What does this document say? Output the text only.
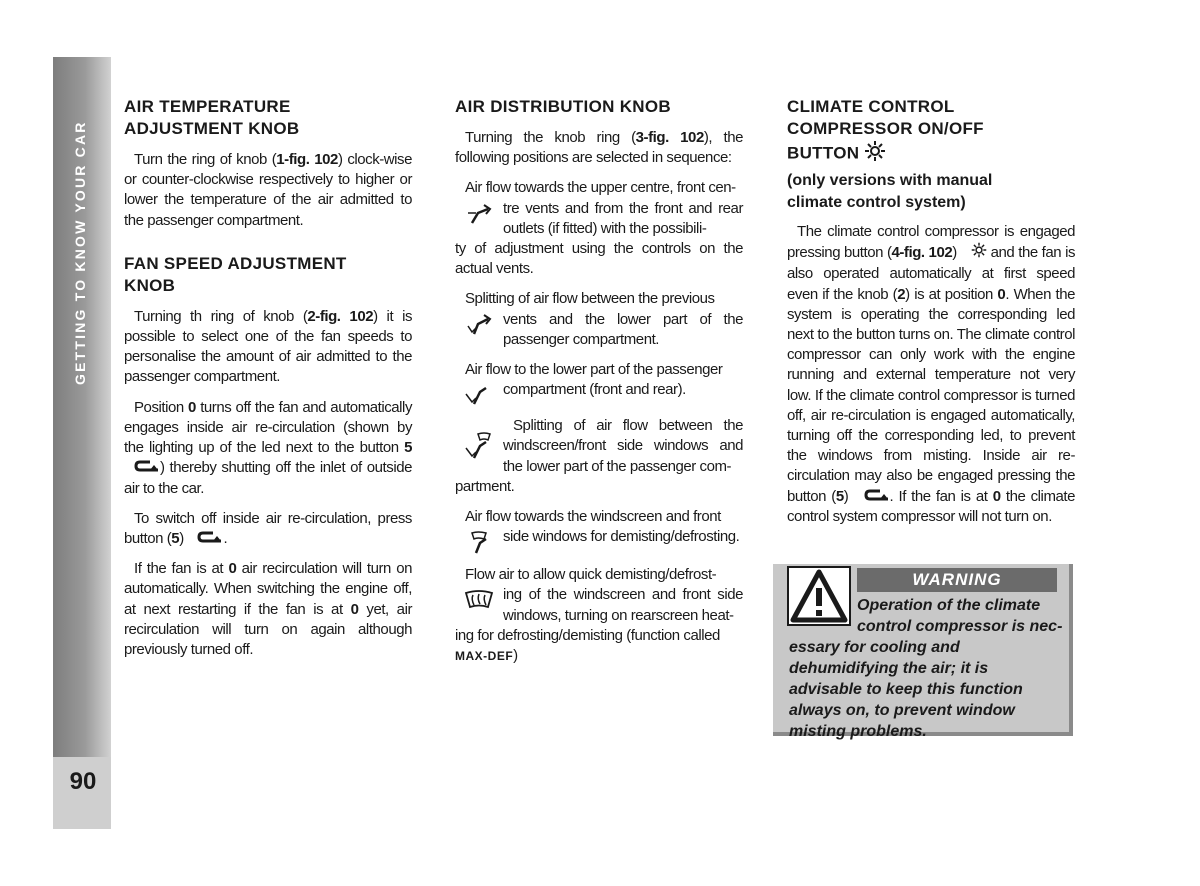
GETTING TO KNOW YOUR CAR
90
AIR TEMPERATURE
ADJUSTMENT KNOB

Turn the ring of knob (1-fig. 102) clock-wise or counter-clockwise respectively to higher or lower the temperature of the air admitted to the passenger compartment.

FAN SPEED ADJUSTMENT
KNOB

Turning th ring of knob (2-fig. 102) it is possible to select one of the fan speeds to personalise the amount of air admitted to the passenger compartment.

Position 0 turns off the fan and automatically engages inside air re-circulation (shown by the lighting up of the led next to the button 5 ) thereby shutting off the inlet of outside air to the car.

To switch off inside air re-circulation, press button (5) .

If the fan is at 0 air recirculation will turn on automatically. When switching the engine off, at next restarting if the fan is at 0 yet, air recirculation will turn on again although previously turned off.

AIR DISTRIBUTION KNOB

Turning the knob ring (3-fig. 102), the following positions are selected in sequence:

Air flow towards the upper centre, front cen-

tre vents and from the front and rear outlets (if fitted) with the possibili-

ty of adjustment using the controls on the actual vents.

Splitting of air flow between the previous

vents and the lower part of the passenger compartment.

Air flow to the lower part of the passenger

compartment (front and rear).

Splitting of air flow between the windscreen/front side windows and the lower part of the passenger com-

partment.

Air flow towards the windscreen and front

side windows for demisting/defrosting.

Flow air to allow quick demisting/defrost-

ing of the windscreen and front side windows, turning on rearscreen heat-

ing for defrosting/demisting (function called
MAX-DEF)

CLIMATE CONTROL
COMPRESSOR ON/OFF
BUTTON
(only versions with manual
climate control system)

The climate control compressor is engaged pressing button (4-fig. 102)  and the fan is also operated automatically at first speed even if the knob (2) is at position 0. When the system is operating the corresponding led next to the button turns on. The climate control compressor can only work with the engine running and external temperature not very low. If the climate control compressor is turned off, air re-circulation is engaged automatically, turning off the corresponding led, to prevent the windows from misting. Inside air re-circulation may also be engaged pressing the button (5) . If the fan is at 0 the climate control system compressor will not turn on.

WARNING
Operation of the climate
control compressor is nec-
essary for cooling and dehumidifying the air; it is advisable to keep this function always on, to prevent window misting problems.
